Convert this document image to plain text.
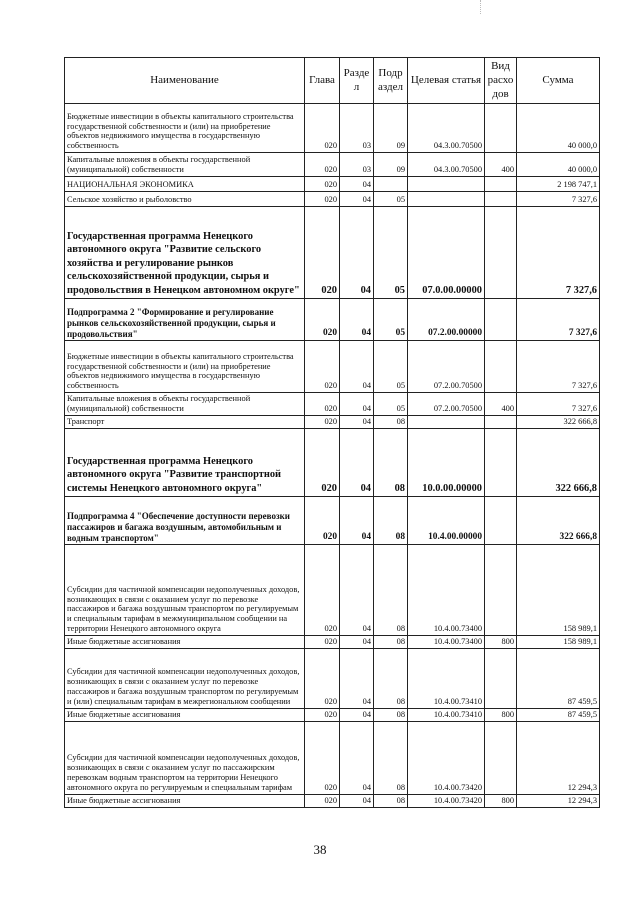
Наименование	Глава	Разде л	Подр аздел	Целевая статья	Вид расхо дов	Сумма
Бюджетные инвестиции в объекты капитального строительства государственной собственности и (или) на приобретение объектов недвижимого имущества в государственную собственность	020	03	09	04.3.00.70500		40 000,0
Капитальные вложения в объекты государственной (муниципальной) собственности	020	03	09	04.3.00.70500	400	40 000,0
НАЦИОНАЛЬНАЯ ЭКОНОМИКА	020	04				2 198 747,1
Сельское хозяйство и рыболовство	020	04	05			7 327,6
Государственная программа Ненецкого автономного округа "Развитие сельского хозяйства и регулирование рынков сельскохозяйственной продукции, сырья и продовольствия в Ненецком автономном округе"	020	04	05	07.0.00.00000		7 327,6
Подпрограмма 2 "Формирование и регулирование рынков сельскохозяйственной продукции, сырья и продовольствия"	020	04	05	07.2.00.00000		7 327,6
Бюджетные инвестиции в объекты капитального строительства государственной собственности и (или) на приобретение объектов недвижимого имущества в государственную собственность	020	04	05	07.2.00.70500		7 327,6
Капитальные вложения в объекты государственной (муниципальной) собственности	020	04	05	07.2.00.70500	400	7 327,6
Транспорт	020	04	08			322 666,8
Государственная программа Ненецкого автономного округа "Развитие транспортной системы Ненецкого автономного округа"	020	04	08	10.0.00.00000		322 666,8
Подпрограмма 4 "Обеспечение доступности перевозки пассажиров и багажа воздушным, автомобильным и водным транспортом"	020	04	08	10.4.00.00000		322 666,8
Субсидии для частичной компенсации недополученных доходов, возникающих в связи с оказанием услуг по перевозке пассажиров и багажа воздушным транспортом по регулируемым и специальным тарифам в межмуниципальном сообщении на территории Ненецкого автономного округа	020	04	08	10.4.00.73400		158 989,1
Иные бюджетные ассигнования	020	04	08	10.4.00.73400	800	158 989,1
Субсидии для частичной компенсации недополученных доходов, возникающих в связи с оказанием услуг по перевозке пассажиров и багажа воздушным транспортом по регулируемым и (или) специальным тарифам в межрегиональном сообщении	020	04	08	10.4.00.73410		87 459,5
Иные бюджетные ассигнования	020	04	08	10.4.00.73410	800	87 459,5
Субсидии для частичной компенсации недополученных доходов, возникающих в связи с оказанием услуг по пассажирским перевозкам водным транспортом на территории Ненецкого автономного округа по регулируемым и специальным тарифам	020	04	08	10.4.00.73420		12 294,3
Иные бюджетные ассигнования	020	04	08	10.4.00.73420	800	12 294,3
38
